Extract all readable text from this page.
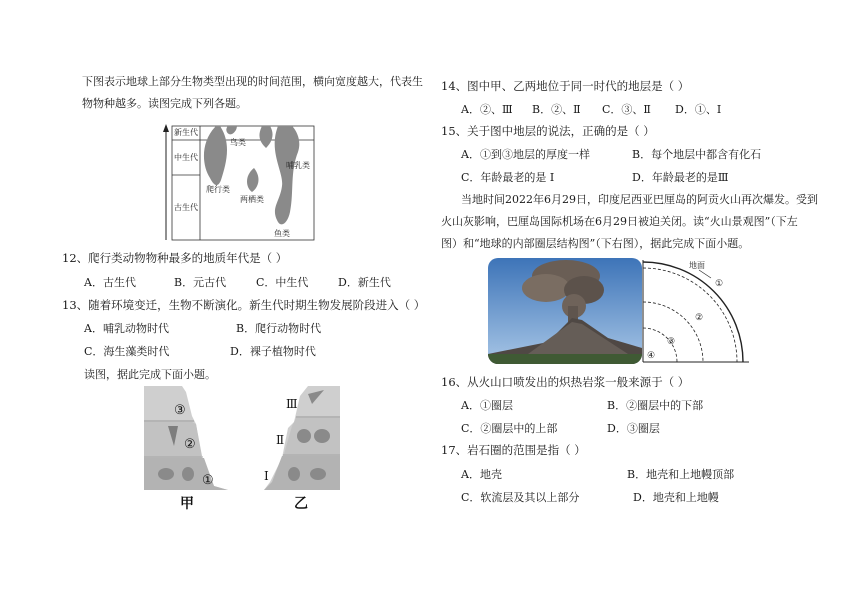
下图表示地球上部分生物类型出现的时间范围，横向宽度越大，代表生物物种越多。读图完成下列各题。
新生代
中生代
古生代
鸟类
爬行类
两栖类
哺乳类
鱼类
12、爬行类动物物种最多的地质年代是（ ）
A．古生代	B．元古代	C．中生代	D．新生代
13、随着环境变迁，生物不断演化。新生代时期生物发展阶段进入（ ）
A．哺乳动物时代	B．爬行动物时代
C．海生藻类时代	D．裸子植物时代
读图，据此完成下面小题。
③
②
①
Ⅲ
Ⅱ
Ⅰ
甲	乙
14、图中甲、乙两地位于同一时代的地层是（ ）
A．②、Ⅲ B．②、Ⅱ C．③、Ⅱ D．①、Ⅰ
15、关于图中地层的说法，正确的是（ ）
A．①到③地层的厚度一样	B．每个地层中都含有化石
C．年龄最老的是 Ⅰ	D．年龄最老的是Ⅲ
当地时间2022年6月29日，印度尼西亚巴厘岛的阿贡火山再次爆发。受到
火山灰影响，巴厘岛国际机场在6月29日被迫关闭。读“火山景观图”（下左
图）和“地球的内部圈层结构图”（下右图），据此完成下面小题。
地面
①
②
③
④
16、从火山口喷发出的炽热岩浆一般来源于（ ）
A．①圈层	B．②圈层中的下部
C．②圈层中的上部	D．③圈层
17、岩石圈的范围是指（ ）
A．地壳	B．地壳和上地幔顶部
C．软流层及其以上部分	D．地壳和上地幔
